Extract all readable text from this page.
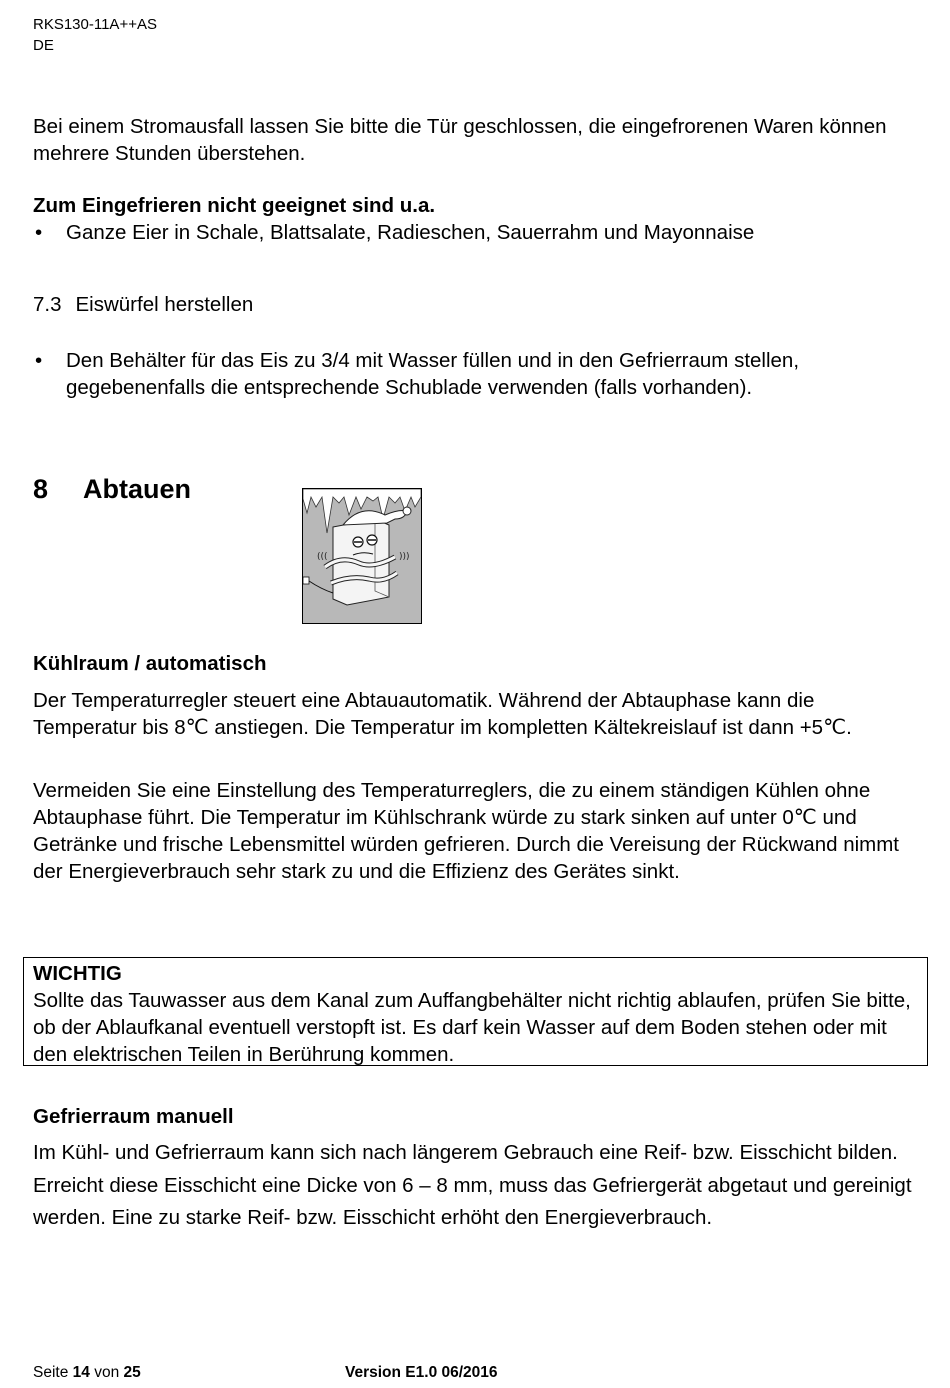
RKS130-11A++AS
DE
Bei einem Stromausfall lassen Sie bitte die Tür geschlossen, die eingefrorenen Waren können mehrere Stunden überstehen.
Zum Eingefrieren nicht geeignet sind u.a.
•	Ganze Eier in Schale, Blattsalate, Radieschen, Sauerrahm und Mayonnaise
7.3 Eiswürfel herstellen
•	Den Behälter für das Eis zu 3/4 mit Wasser füllen und in den Gefrierraum stellen, gegebenenfalls die entsprechende Schublade verwenden (falls vorhanden).
8 Abtauen
(((	)))
Kühlraum / automatisch
Der Temperaturregler steuert eine Abtauautomatik. Während der Abtauphase kann die Temperatur bis 8℃ anstiegen. Die Temperatur im kompletten Kältekreislauf ist dann +5℃.
Vermeiden Sie eine Einstellung des Temperaturreglers, die zu einem ständigen Kühlen ohne Abtauphase führt. Die Temperatur im Kühlschrank würde zu stark sinken auf unter 0℃ und Getränke und frische Lebensmittel würden gefrieren. Durch die Vereisung der Rückwand nimmt der Energieverbrauch sehr stark zu und die Effizienz des Gerätes sinkt.
WICHTIG
Sollte das Tauwasser aus dem Kanal zum Auffangbehälter nicht richtig ablaufen, prüfen Sie bitte, ob der Ablaufkanal eventuell verstopft ist. Es darf kein Wasser auf dem Boden stehen oder mit den elektrischen Teilen in Berührung kommen.
Gefrierraum manuell
Im Kühl- und Gefrierraum kann sich nach längerem Gebrauch eine Reif- bzw. Eisschicht bilden. Erreicht diese Eisschicht eine Dicke von 6 – 8 mm, muss das Gefriergerät abgetaut und gereinigt werden. Eine zu starke Reif- bzw. Eisschicht erhöht den Energieverbrauch.
Seite 14 von 25	Version E1.0 06/2016
